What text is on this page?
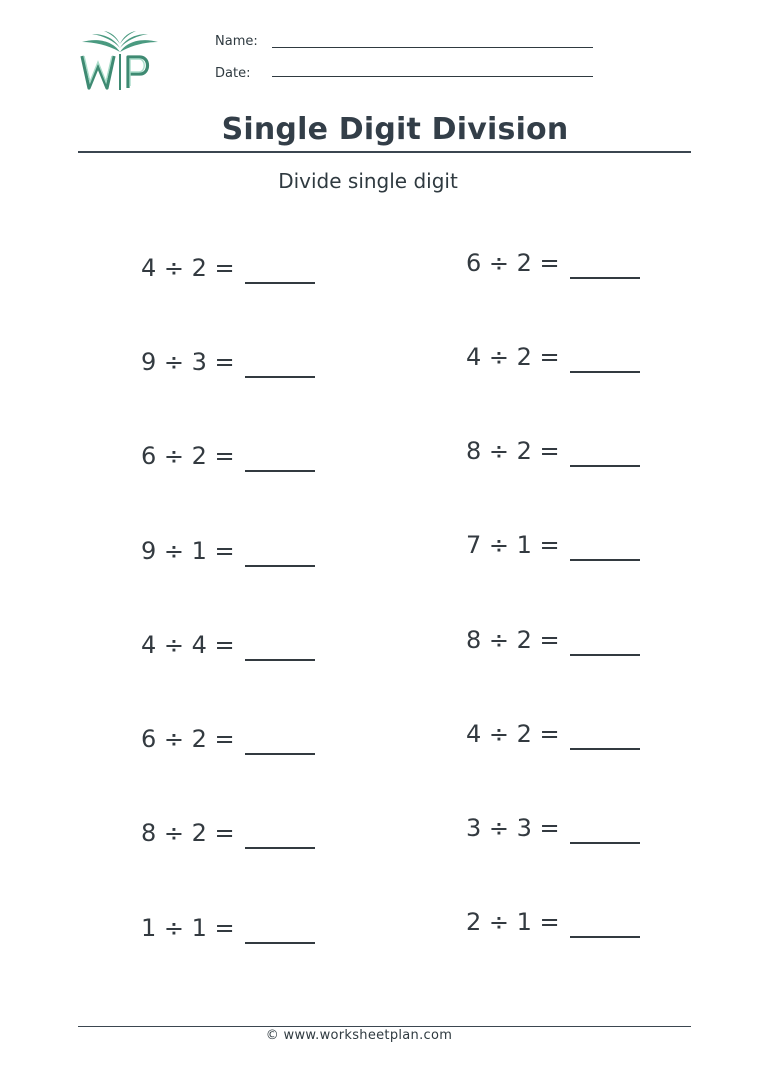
Name:
Date:
Single Digit Division
Divide single digit
4 ÷ 2 =
9 ÷ 3 =
6 ÷ 2 =
9 ÷ 1 =
4 ÷ 4 =
6 ÷ 2 =
8 ÷ 2 =
1 ÷ 1 =
6 ÷ 2 =
4 ÷ 2 =
8 ÷ 2 =
7 ÷ 1 =
8 ÷ 2 =
4 ÷ 2 =
3 ÷ 3 =
2 ÷ 1 =
© www.worksheetplan.com
